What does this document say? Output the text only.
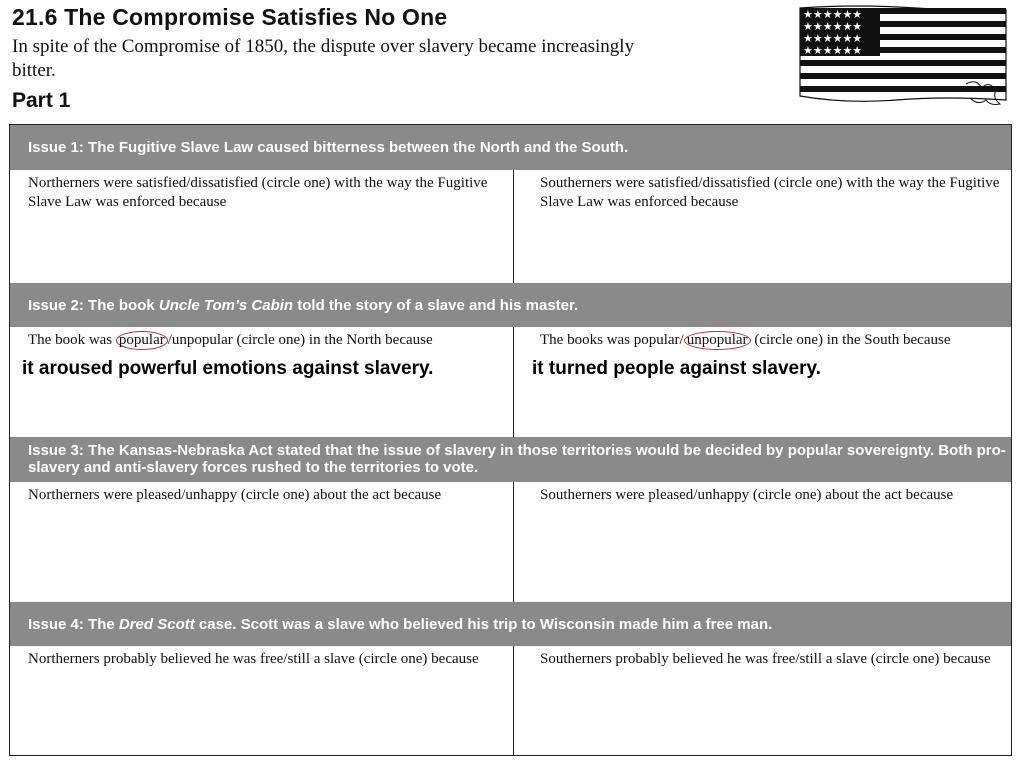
21.6 The Compromise Satisfies No One
In spite of the Compromise of 1850, the dispute over slavery became increasingly bitter.
Part 1
★★★★★★
★★★★★★
★★★★★★
★★★★★★
Issue 1:
The Fugitive Slave Law caused bitterness between the North and the South.
Northerners were satisfied/dissatisfied (circle one) with the way the Fugitive Slave Law was enforced because
Southerners were satisfied/dissatisfied (circle one) with the way the Fugitive Slave Law was enforced because
Issue 2:
The book Uncle Tom’s Cabin told the story of a slave and his master.
The book was popular /unpopular (circle one) in the North because
it aroused powerful emotions against slavery.
The books was popular/ unpopular (circle one) in the South because
it turned people against slavery.
Issue 3: The Kansas-Nebraska Act stated that the issue of slavery in those territories would be decided by popular sovereignty. Both pro-slavery and anti-slavery forces rushed to the territories to vote.
Northerners were pleased/unhappy (circle one) about the act because	Southerners were pleased/unhappy (circle one) about the act because
Issue 4:
The Dred Scott case. Scott was a slave who believed his trip to Wisconsin made him a free man.
Northerners probably believed he was free/still a slave (circle one) because	Southerners probably believed he was free/still a slave (circle one) because
